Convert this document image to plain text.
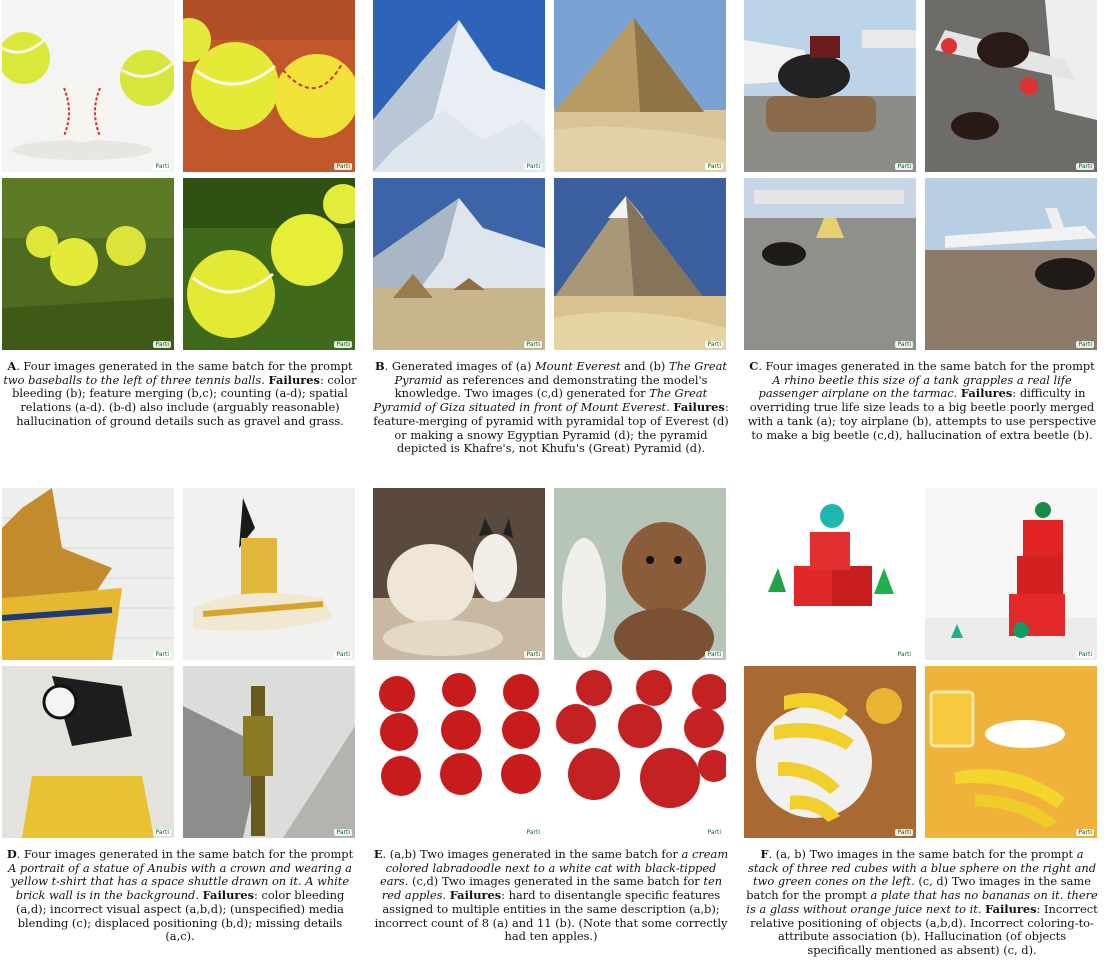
Parti	Parti
Parti	Parti
A. Four images generated in the same batch for the prompt two baseballs to the left of three tennis balls. Failures: color bleeding (b); feature merging (b,c); counting (a-d); spatial relations (a-d). (b-d) also include (arguably reasonable) hallucination of ground details such as gravel and grass.
Parti	Parti
Parti	Parti
B. Generated images of (a) Mount Everest and (b) The Great Pyramid as references and demonstrating the model's knowledge. Two images (c,d) generated for The Great Pyramid of Giza situated in front of Mount Everest. Failures: feature-merging of pyramid with pyramidal top of Everest (d) or making a snowy Egyptian Pyramid (d); the pyramid depicted is Khafre's, not Khufu's (Great) Pyramid (d).
Parti	Parti
Parti	Parti
C. Four images generated in the same batch for the prompt A rhino beetle this size of a tank grapples a real life passenger airplane on the tarmac. Failures: difficulty in overriding true life size leads to a big beetle poorly merged with a tank (a); toy airplane (b), attempts to use perspective to make a big beetle (c,d), hallucination of extra beetle (b).
Parti	Parti
Parti	Parti
D. Four images generated in the same batch for the prompt A portrait of a statue of Anubis with a crown and wearing a yellow t-shirt that has a space shuttle drawn on it. A white brick wall is in the background. Failures: color bleeding (a,d); incorrect visual aspect (a,b,d); (unspecified) media blending (c); displaced positioning (b,d); missing details (a,c).
Parti	Parti
Parti	Parti
E. (a,b) Two images generated in the same batch for a cream colored labradoodle next to a white cat with black-tipped ears. (c,d) Two images generated in the same batch for ten red apples. Failures: hard to disentangle specific features assigned to multiple entities in the same description (a,b); incorrect count of 8 (a) and 11 (b). (Note that some correctly had ten apples.)
Parti	Parti
Parti	Parti
F. (a, b) Two images in the same batch for the prompt a stack of three red cubes with a blue sphere on the right and two green cones on the left. (c, d) Two images in the same batch for the prompt a plate that has no bananas on it. there is a glass without orange juice next to it. Failures: Incorrect relative positioning of objects (a,b,d). Incorrect coloring-to-attribute association (b). Hallucination (of objects specifically mentioned as absent) (c, d).
